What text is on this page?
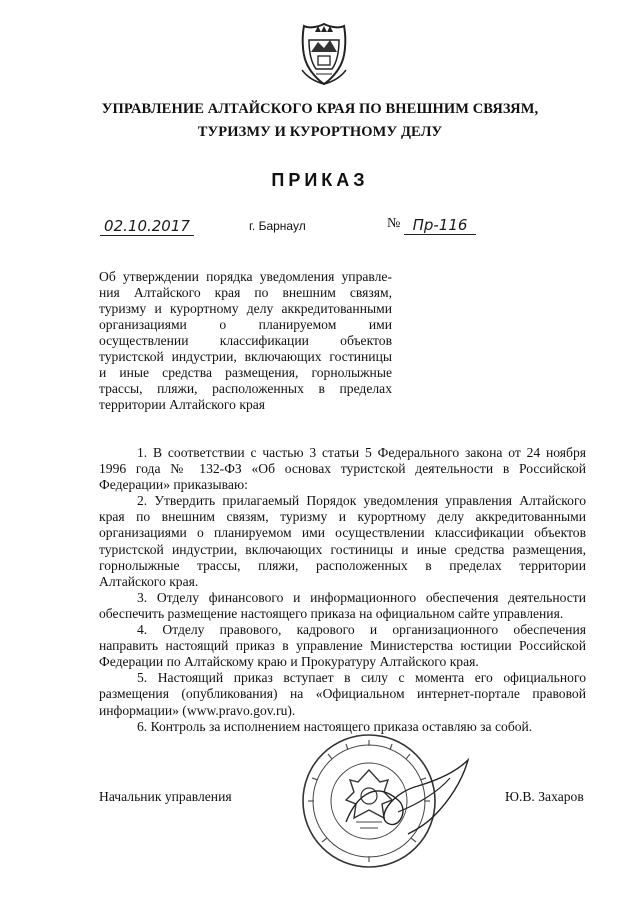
УПРАВЛЕНИЕ АЛТАЙСКОГО КРАЯ ПО ВНЕШНИМ СВЯЗЯМ,
ТУРИЗМУ И КУРОРТНОМУ ДЕЛУ
ПРИКАЗ
02.10.2017	г. Барнаул	№ Пр-116
Об утверждении порядка уведомления управле-
ния Алтайского края по внешним связям,
туризму и курортному делу аккредитованными
организациями о планируемом ими
осуществлении классификации объектов
туристской индустрии, включающих гостиницы
и иные средства размещения, горнолыжные
трассы, пляжи, расположенных в пределах
территории Алтайского края
1. В соответствии с частью 3 статьи 5 Федерального закона от 24 ноября
1996 года № 132-ФЗ «Об основах туристской деятельности в Российской
Федерации» приказываю:
2. Утвердить прилагаемый Порядок уведомления управления Алтайского
края по внешним связям, туризму и курортному делу аккредитованными
организациями о планируемом ими осуществлении классификации объектов
туристской индустрии, включающих гостиницы и иные средства размещения,
горнолыжные трассы, пляжи, расположенных в пределах территории
Алтайского края.
3. Отделу финансового и информационного обеспечения деятельности
обеспечить размещение настоящего приказа на официальном сайте управления.
4. Отделу правового, кадрового и организационного обеспечения
направить настоящий приказ в управление Министерства юстиции Российской
Федерации по Алтайскому краю и Прокуратуру Алтайского края.
5. Настоящий приказ вступает в силу с момента его официального
размещения (опубликования) на «Официальном интернет-портале правовой
информации» (www.pravo.gov.ru).
6. Контроль за исполнением настоящего приказа оставляю за собой.
Начальник управления	Ю.В. Захаров
